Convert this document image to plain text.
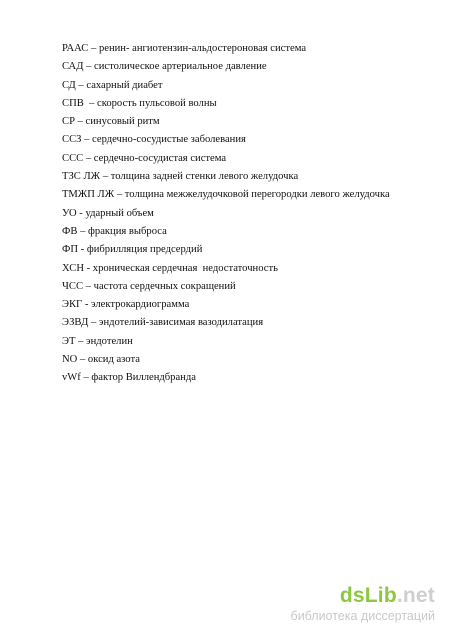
РААС – ренин- ангиотензин-альдостероновая система
САД – систолическое артериальное давление
СД – сахарный диабет
СПВ  – скорость пульсовой волны
СР – синусовый ритм
ССЗ – сердечно-сосудистые заболевания
ССС – сердечно-сосудистая система
ТЗС ЛЖ – толщина задней стенки левого желудочка
ТМЖП ЛЖ – толщина межжелудочковой перегородки левого желудочка
УО - ударный объем
ФВ – фракция выброса
ФП - фибрилляция предсердий
ХСН - хроническая сердечная  недостаточность
ЧСС – частота сердечных сокращений
ЭКГ - электрокардиограмма
ЭЗВД – эндотелий-зависимая вазодилатация
ЭТ – эндотелин
NO – оксид азота
vWf – фактор Виллендбранда
dsLib.net
библиотека диссертаций
